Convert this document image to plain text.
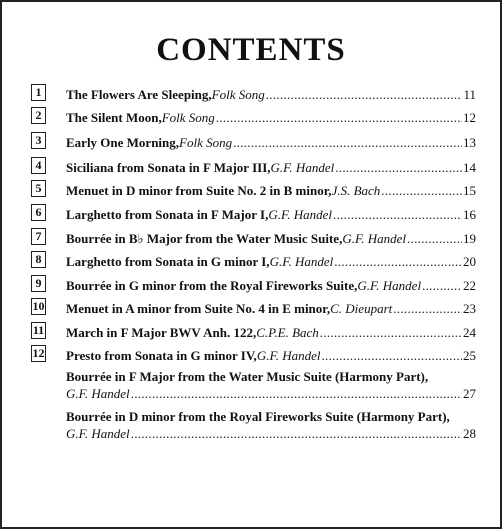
CONTENTS
1	The Flowers Are Sleeping, Folk Song .....	11
2	The Silent Moon, Folk Song .....	12
3	Early One Morning, Folk Song .....	13
4	Siciliana from Sonata in F Major III, G.F. Handel .....	14
5	Menuet in D minor from Suite No. 2 in B minor, J.S. Bach .....	15
6	Larghetto from Sonata in F Major I, G.F. Handel .....	16
7	Bourrée in B♭ Major from the Water Music Suite, G.F. Handel .....	19
8	Larghetto from Sonata in G minor I, G.F. Handel .....	20
9	Bourrée in G minor from the Royal Fireworks Suite, G.F. Handel .....	22
10 Menuet in A minor from Suite No. 4 in E minor, C. Dieupart .....	23
11 March in F Major BWV Anh. 122, C.P.E. Bach .....	24
12 Presto from Sonata in G minor IV, G.F. Handel .....	25
Bourrée in F Major from the Water Music Suite (Harmony Part),
G.F. Handel .....	27
Bourrée in D minor from the Royal Fireworks Suite (Harmony Part),
G.F. Handel .....	28
